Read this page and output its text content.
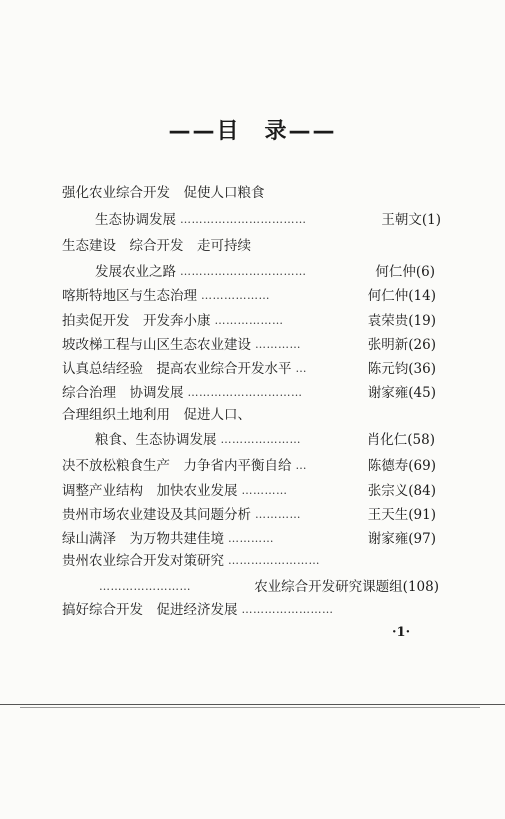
——目　录——
强化农业综合开发　促使人口粮食
生态协调发展 ……………………………	王朝文(1)
生态建设　综合开发　走可持续
发展农业之路 ……………………………	何仁仲(6)
喀斯特地区与生态治理 ………………	何仁仲(14)
拍卖促开发　开发奔小康 ………………	袁荣贵(19)
坡改梯工程与山区生态农业建设 …………	张明新(26)
认真总结经验　提高农业综合开发水平 …	陈元钧(36)
综合治理　协调发展 …………………………	谢家雍(45)
合理组织土地利用　促进人口、
粮食、生态协调发展 …………………	肖化仁(58)
决不放松粮食生产　力争省内平衡自给 …	陈德寿(69)
调整产业结构　加快农业发展 …………	张宗义(84)
贵州市场农业建设及其问题分析 …………	王天生(91)
绿山满泽　为万物共建佳境 …………	谢家雍(97)
贵州农业综合开发对策研究 ……………………
……………………	农业综合开发研究课题组(108)
搞好综合开发　促进经济发展 ……………………
·1·
